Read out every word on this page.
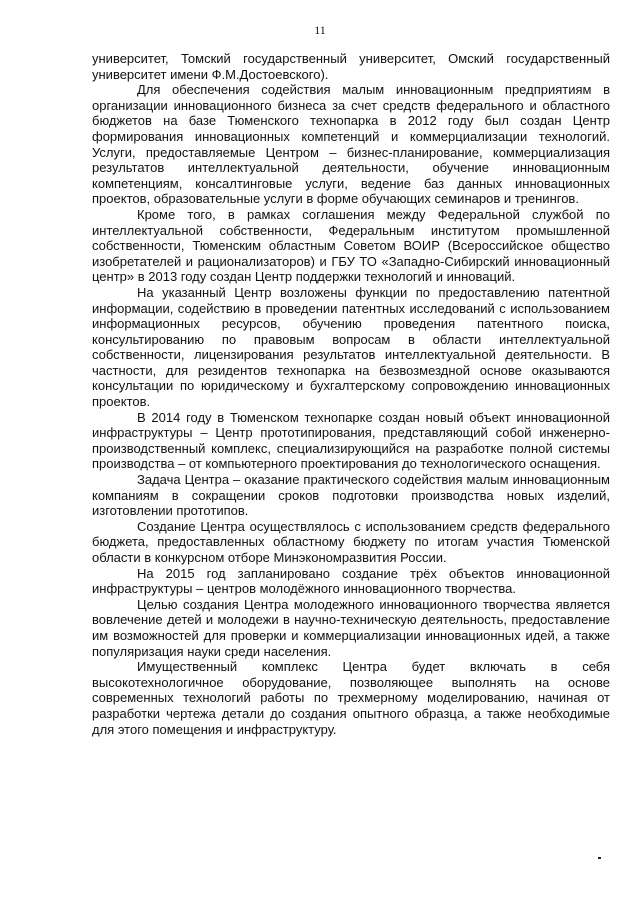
11

университет, Томский государственный университет, Омский государственный университет имени Ф.М.Достоевского).

Для обеспечения содействия малым инновационным предприятиям в организации инновационного бизнеса за счет средств федерального и областного бюджетов на базе Тюменского технопарка в 2012 году был создан Центр формирования инновационных компетенций и коммерциализации технологий. Услуги, предоставляемые Центром – бизнес-планирование, коммерциализация результатов интеллектуальной деятельности, обучение инновационным компетенциям, консалтинговые услуги, ведение баз данных инновационных проектов, образовательные услуги в форме обучающих семинаров и тренингов.

Кроме того, в рамках соглашения между Федеральной службой по интеллектуальной собственности, Федеральным институтом промышленной собственности, Тюменским областным Советом ВОИР (Всероссийское общество изобретателей и рационализаторов) и ГБУ ТО «Западно-Сибирский инновационный центр» в 2013 году создан Центр поддержки технологий и инноваций.

На указанный Центр возложены функции по предоставлению патентной информации, содействию в проведении патентных исследований с использованием информационных ресурсов, обучению проведения патентного поиска, консультированию по правовым вопросам в области интеллектуальной собственности, лицензирования результатов интеллектуальной деятельности. В частности, для резидентов технопарка на безвозмездной основе оказываются консультации по юридическому и бухгалтерскому сопровождению инновационных проектов.

В 2014 году в Тюменском технопарке создан новый объект инновационной инфраструктуры – Центр прототипирования, представляющий собой инженерно-производственный комплекс, специализирующийся на разработке полной системы производства – от компьютерного проектирования до технологического оснащения.

Задача Центра – оказание практического содействия малым инновационным компаниям в сокращении сроков подготовки производства новых изделий, изготовлении прототипов.

Создание Центра осуществлялось с использованием средств федерального бюджета, предоставленных областному бюджету по итогам участия Тюменской области в конкурсном отборе Минэкономразвития России.

На 2015 год запланировано создание трёх объектов инновационной инфраструктуры – центров молодёжного инновационного творчества.

Целью создания Центра молодежного инновационного творчества является вовлечение детей и молодежи в научно-техническую деятельность, предоставление им возможностей для проверки и коммерциализации инновационных идей, а также популяризация науки среди населения.

Имущественный комплекс Центра будет включать в себя высокотехнологичное оборудование, позволяющее выполнять на основе современных технологий работы по трехмерному моделированию, начиная от разработки чертежа детали до создания опытного образца, а также необходимые для этого помещения и инфраструктуру.
